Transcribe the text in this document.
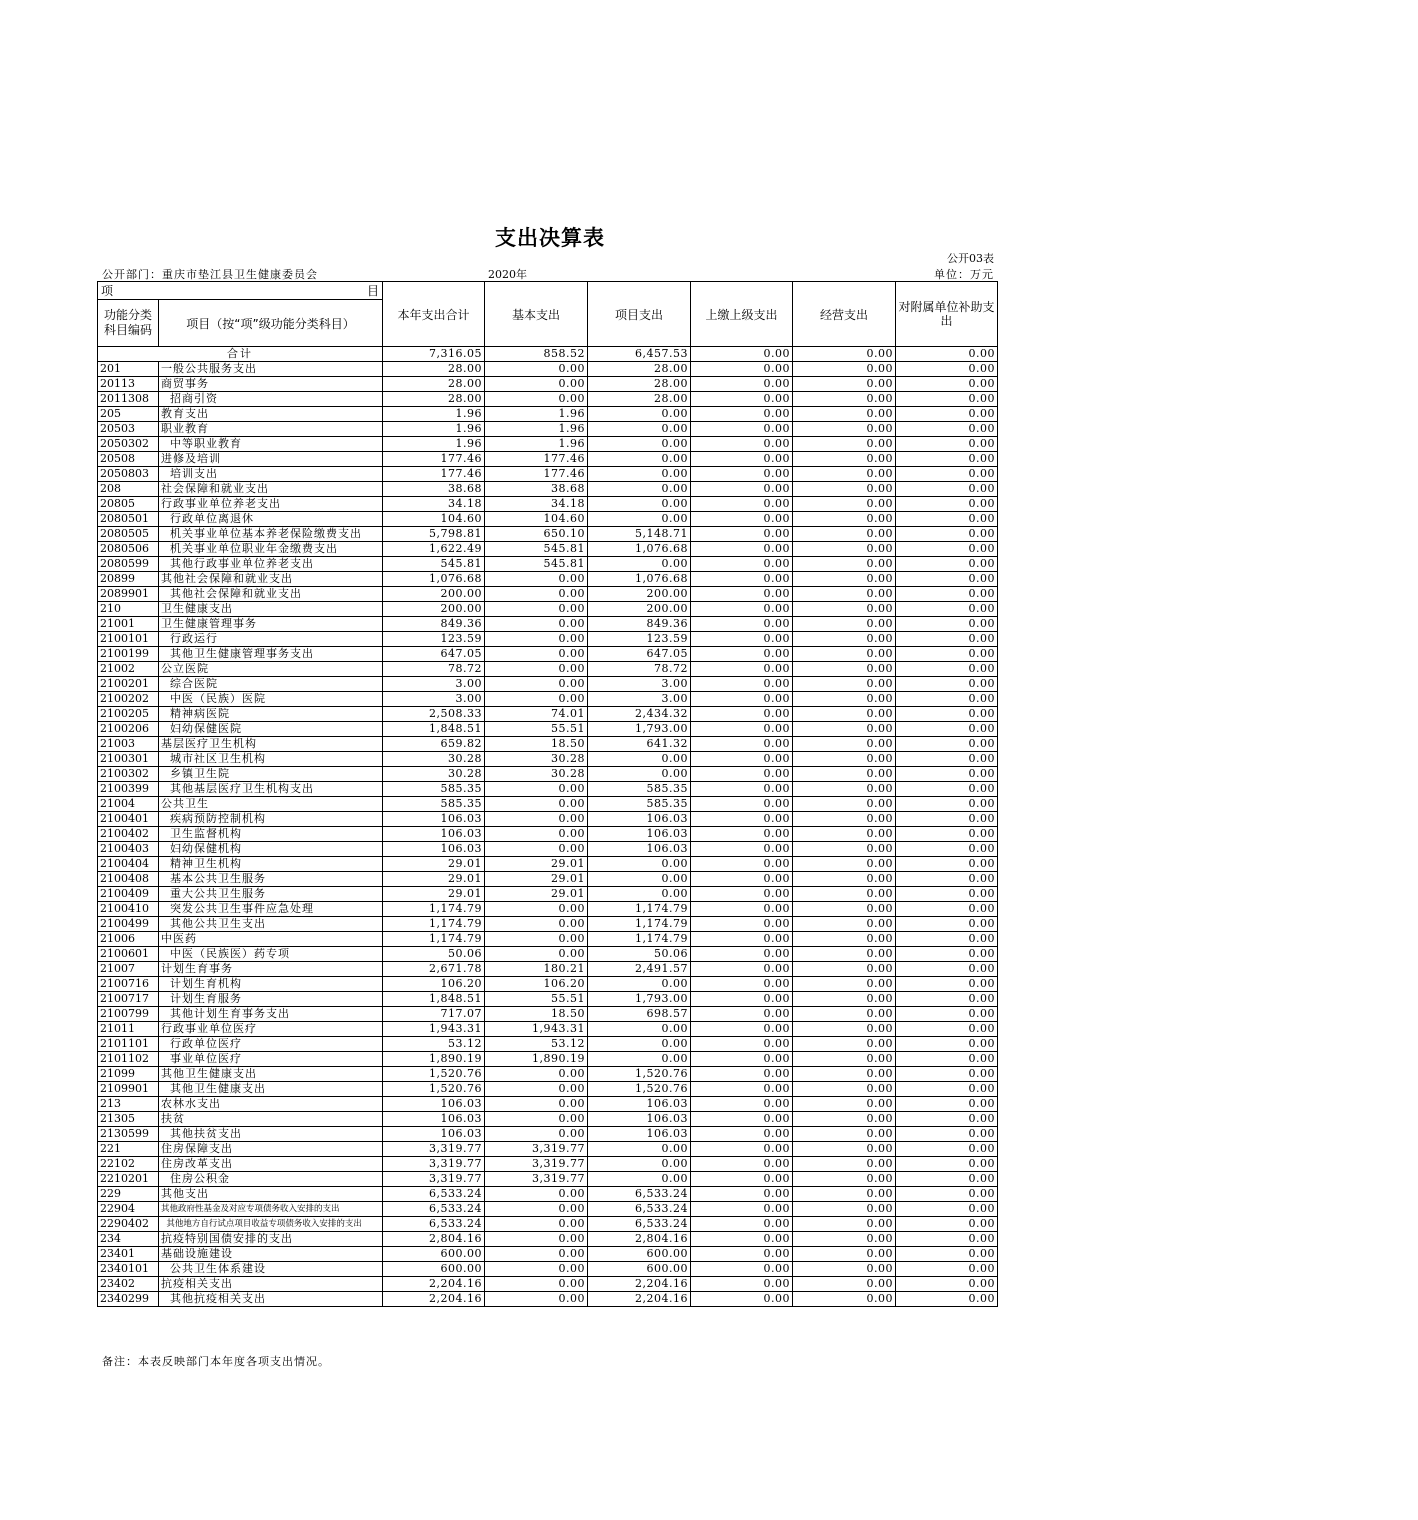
支出决算表
公开03表
公开部门：重庆市垫江县卫生健康委员会	2020年	单位：万元
项 目		本年支出合计	基本支出	项目支出	上缴上级支出	经营支出	对附属单位补助支出
功能分类科目编码	项目（按“项”级功能分类科目）						
合计		7,316.05	858.52	6,457.53	0.00	0.00	0.00
201	一般公共服务支出	28.00	0.00	28.00	0.00	0.00	0.00
20113	商贸事务	28.00	0.00	28.00	0.00	0.00	0.00
2011308	招商引资	28.00	0.00	28.00	0.00	0.00	0.00
205	教育支出	1.96	1.96	0.00	0.00	0.00	0.00
20503	职业教育	1.96	1.96	0.00	0.00	0.00	0.00
2050302	中等职业教育	1.96	1.96	0.00	0.00	0.00	0.00
20508	进修及培训	177.46	177.46	0.00	0.00	0.00	0.00
2050803	培训支出	177.46	177.46	0.00	0.00	0.00	0.00
208	社会保障和就业支出	38.68	38.68	0.00	0.00	0.00	0.00
20805	行政事业单位养老支出	34.18	34.18	0.00	0.00	0.00	0.00
2080501	行政单位离退休	104.60	104.60	0.00	0.00	0.00	0.00
2080505	机关事业单位基本养老保险缴费支出	5,798.81	650.10	5,148.71	0.00	0.00	0.00
2080506	机关事业单位职业年金缴费支出	1,622.49	545.81	1,076.68	0.00	0.00	0.00
2080599	其他行政事业单位养老支出	545.81	545.81	0.00	0.00	0.00	0.00
20899	其他社会保障和就业支出	1,076.68	0.00	1,076.68	0.00	0.00	0.00
2089901	其他社会保障和就业支出	200.00	0.00	200.00	0.00	0.00	0.00
210	卫生健康支出	200.00	0.00	200.00	0.00	0.00	0.00
21001	卫生健康管理事务	849.36	0.00	849.36	0.00	0.00	0.00
2100101	行政运行	123.59	0.00	123.59	0.00	0.00	0.00
2100199	其他卫生健康管理事务支出	647.05	0.00	647.05	0.00	0.00	0.00
21002	公立医院	78.72	0.00	78.72	0.00	0.00	0.00
2100201	综合医院	3.00	0.00	3.00	0.00	0.00	0.00
2100202	中医（民族）医院	3.00	0.00	3.00	0.00	0.00	0.00
2100205	精神病医院	2,508.33	74.01	2,434.32	0.00	0.00	0.00
2100206	妇幼保健医院	1,848.51	55.51	1,793.00	0.00	0.00	0.00
21003	基层医疗卫生机构	659.82	18.50	641.32	0.00	0.00	0.00
2100301	城市社区卫生机构	30.28	30.28	0.00	0.00	0.00	0.00
2100302	乡镇卫生院	30.28	30.28	0.00	0.00	0.00	0.00
2100399	其他基层医疗卫生机构支出	585.35	0.00	585.35	0.00	0.00	0.00
21004	公共卫生	585.35	0.00	585.35	0.00	0.00	0.00
2100401	疾病预防控制机构	106.03	0.00	106.03	0.00	0.00	0.00
2100402	卫生监督机构	106.03	0.00	106.03	0.00	0.00	0.00
2100403	妇幼保健机构	106.03	0.00	106.03	0.00	0.00	0.00
2100404	精神卫生机构	29.01	29.01	0.00	0.00	0.00	0.00
2100408	基本公共卫生服务	29.01	29.01	0.00	0.00	0.00	0.00
2100409	重大公共卫生服务	29.01	29.01	0.00	0.00	0.00	0.00
2100410	突发公共卫生事件应急处理	1,174.79	0.00	1,174.79	0.00	0.00	0.00
2100499	其他公共卫生支出	1,174.79	0.00	1,174.79	0.00	0.00	0.00
21006	中医药	1,174.79	0.00	1,174.79	0.00	0.00	0.00
2100601	中医（民族医）药专项	50.06	0.00	50.06	0.00	0.00	0.00
21007	计划生育事务	2,671.78	180.21	2,491.57	0.00	0.00	0.00
2100716	计划生育机构	106.20	106.20	0.00	0.00	0.00	0.00
2100717	计划生育服务	1,848.51	55.51	1,793.00	0.00	0.00	0.00
2100799	其他计划生育事务支出	717.07	18.50	698.57	0.00	0.00	0.00
21011	行政事业单位医疗	1,943.31	1,943.31	0.00	0.00	0.00	0.00
2101101	行政单位医疗	53.12	53.12	0.00	0.00	0.00	0.00
2101102	事业单位医疗	1,890.19	1,890.19	0.00	0.00	0.00	0.00
21099	其他卫生健康支出	1,520.76	0.00	1,520.76	0.00	0.00	0.00
2109901	其他卫生健康支出	1,520.76	0.00	1,520.76	0.00	0.00	0.00
213	农林水支出	106.03	0.00	106.03	0.00	0.00	0.00
21305	扶贫	106.03	0.00	106.03	0.00	0.00	0.00
2130599	其他扶贫支出	106.03	0.00	106.03	0.00	0.00	0.00
221	住房保障支出	3,319.77	3,319.77	0.00	0.00	0.00	0.00
22102	住房改革支出	3,319.77	3,319.77	0.00	0.00	0.00	0.00
2210201	住房公积金	3,319.77	3,319.77	0.00	0.00	0.00	0.00
229	其他支出	6,533.24	0.00	6,533.24	0.00	0.00	0.00
22904	其他政府性基金及对应专项债务收入安排的支出	6,533.24	0.00	6,533.24	0.00	0.00	0.00
2290402	其他地方自行试点项目收益专项债务收入安排的支出	6,533.24	0.00	6,533.24	0.00	0.00	0.00
234	抗疫特别国债安排的支出	2,804.16	0.00	2,804.16	0.00	0.00	0.00
23401	基础设施建设	600.00	0.00	600.00	0.00	0.00	0.00
2340101	公共卫生体系建设	600.00	0.00	600.00	0.00	0.00	0.00
23402	抗疫相关支出	2,204.16	0.00	2,204.16	0.00	0.00	0.00
2340299	其他抗疫相关支出	2,204.16	0.00	2,204.16	0.00	0.00	0.00
备注：本表反映部门本年度各项支出情况。
